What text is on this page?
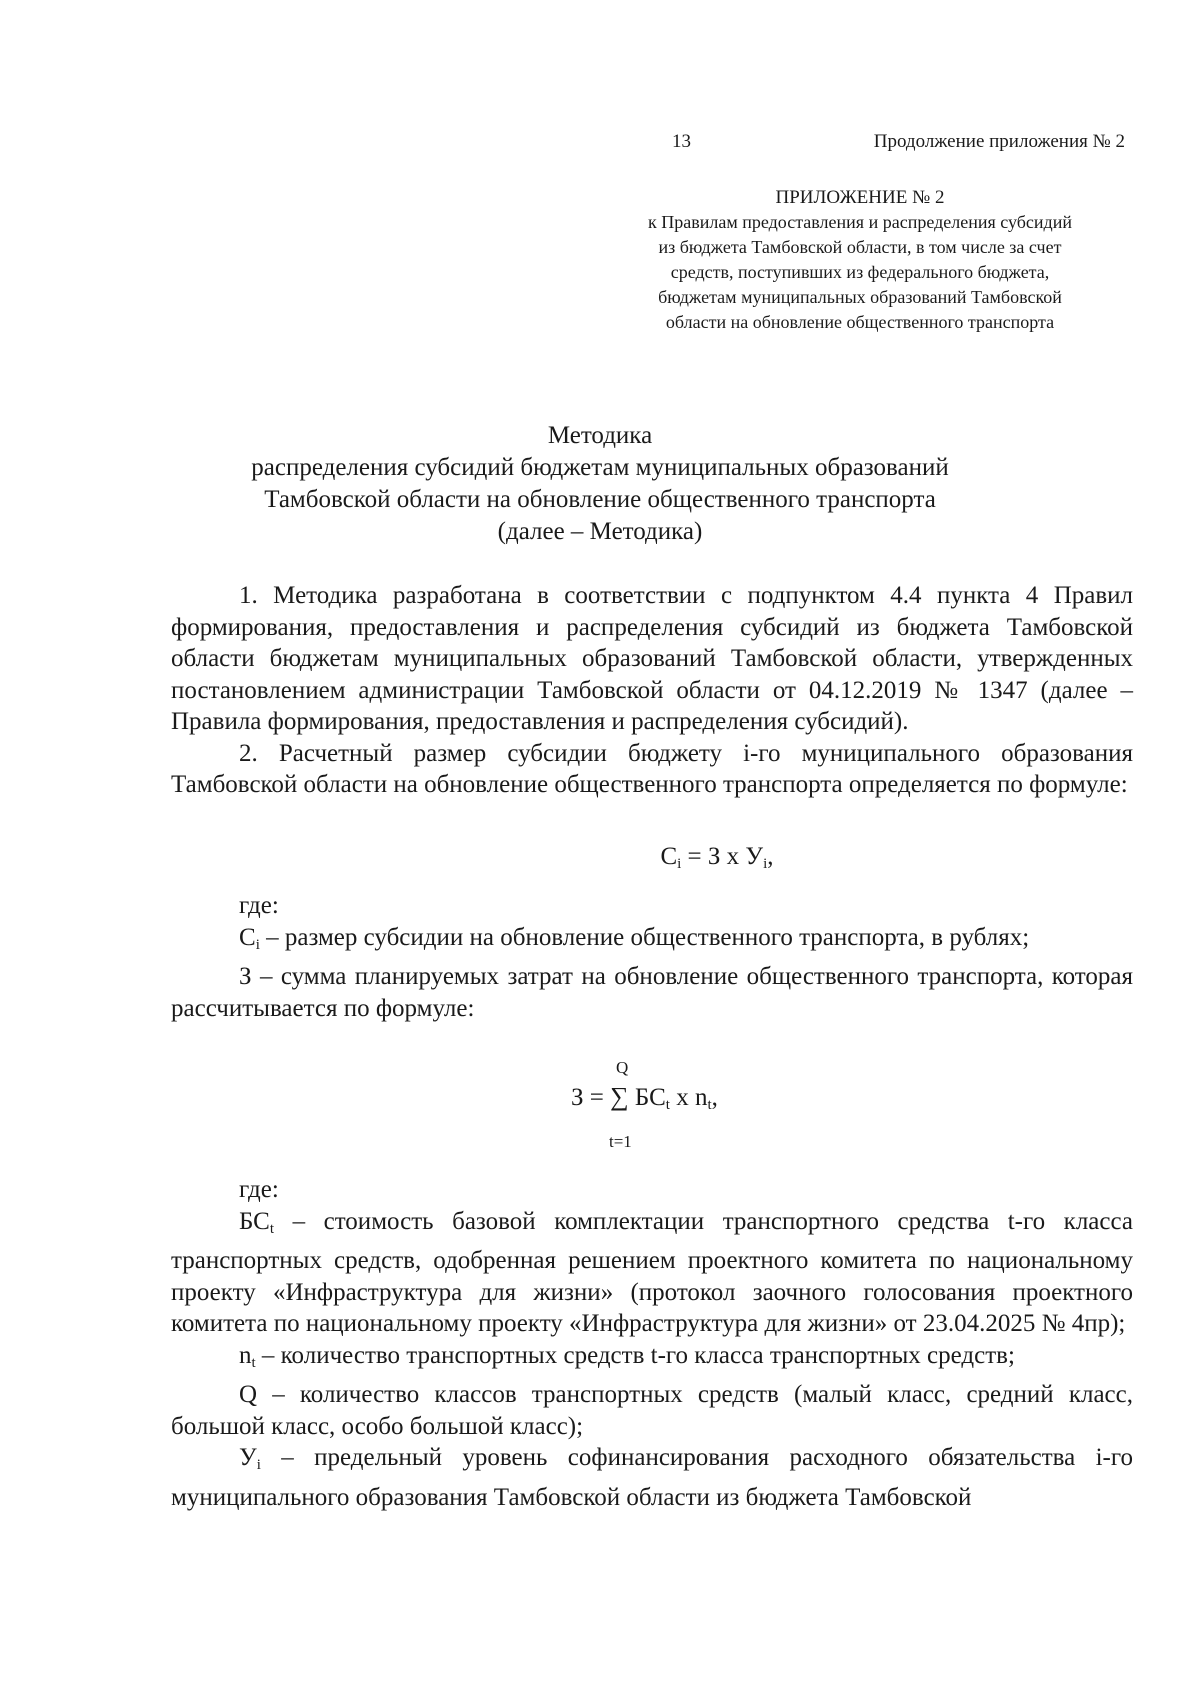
13	Продолжение приложения № 2
ПРИЛОЖЕНИЕ № 2
к Правилам предоставления и распределения субсидий
из бюджета Тамбовской области, в том числе за счет
средств, поступивших из федерального бюджета,
бюджетам муниципальных образований Тамбовской
области на обновление общественного транспорта
Методика
распределения субсидий бюджетам муниципальных образований
Тамбовской области на обновление общественного транспорта
(далее – Методика)

1. Методика разработана в соответствии с подпунктом 4.4 пункта 4 Правил формирования, предоставления и распределения субсидий из бюджета Тамбовской области бюджетам муниципальных образований Тамбовской области, утвержденных постановлением администрации Тамбовской области от 04.12.2019 № 1347 (далее – Правила формирования, предоставления и распределения субсидий).

2. Расчетный размер субсидии бюджету i-го муниципального образования Тамбовской области на обновление общественного транспорта определяется по формуле:

$C_i = З$ х $У_i$,

где:

$C_i$ – размер субсидии на обновление общественного транспорта, в рублях;

З – сумма планируемых затрат на обновление общественного транспорта, которая рассчитывается по формуле:

Q
З = ∑ $БС_t$ х $n_t$,
t=1

где:

$БС_t$ – стоимость базовой комплектации транспортного средства t-го класса транспортных средств, одобренная решением проектного комитета по национальному проекту «Инфраструктура для жизни» (протокол заочного голосования проектного комитета по национальному проекту «Инфраструктура для жизни» от 23.04.2025 № 4пр);

$n_t$ – количество транспортных средств t-го класса транспортных средств;

Q – количество классов транспортных средств (малый класс, средний класс, большой класс, особо большой класс);

$У_i$ – предельный уровень софинансирования расходного обязательства i-го муниципального образования Тамбовской области из бюджета Тамбовской
